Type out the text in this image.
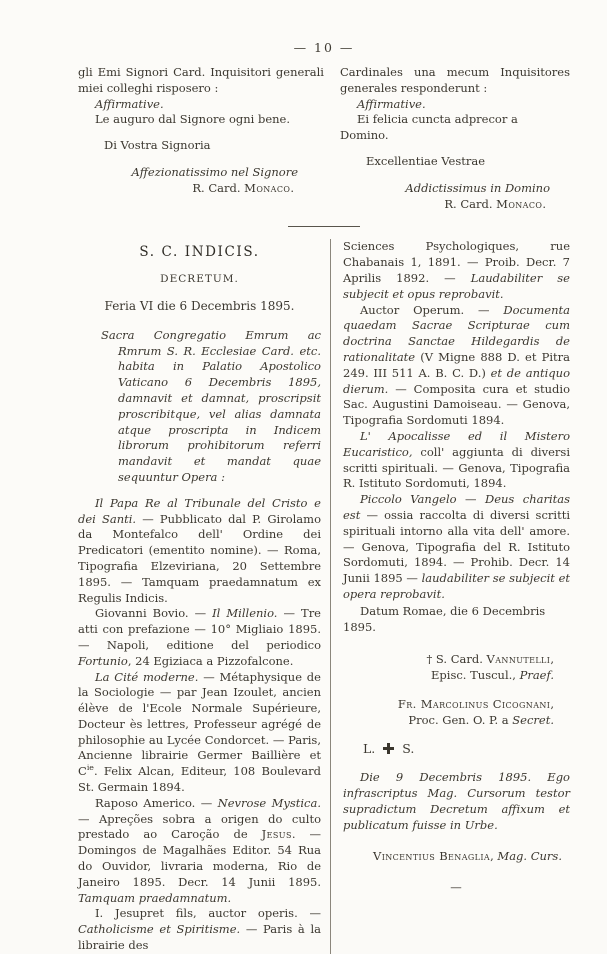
— 10 —

gli Emi Signori Card. Inquisitori generali miei colleghi risposero :

Affirmative.

Le auguro dal Signore ogni bene.

Di Vostra Signoria

Affezionatissimo nel Signore

R. Card. Monaco.

Cardinales una mecum Inquisitores generales responderunt :

Affirmative.

Ei felicia cuncta adprecor a Domino.

Excellentiae Vestrae

Addictissimus in Domino

R. Card. Monaco.

S. C. INDICIS.

DECRETUM.

Feria VI die 6 Decembris 1895.

Sacra Congregatio Emrum ac Rmrum S. R. Ecclesiae Card. etc. habita in Palatio Apostolico Vaticano 6 Decembris 1895, damnavit et damnat, proscripsit proscribitque, vel alias damnata atque proscripta in Indicem librorum prohibitorum referri mandavit et mandat quae sequuntur Opera :

Il Papa Re al Tribunale del Cristo e dei Santi. — Pubblicato dal P. Girolamo da Montefalco dell' Ordine dei Predicatori (ementito nomine). — Roma, Tipografia Elzeviriana, 20 Settembre 1895. — Tamquam praedamnatum ex Regulis Indicis.

Giovanni Bovio. — Il Millenio. — Tre atti con prefazione — 10° Migliaio 1895. — Napoli, editione del periodico Fortunio, 24 Egiziaca a Pizzofalcone.

La Cité moderne. — Métaphysique de la Sociologie — par Jean Izoulet, ancien élève de l'Ecole Normale Supérieure, Docteur ès lettres, Professeur agrégé de philosophie au Lycée Condorcet. — Paris, Ancienne librairie Germer Baillière et $C^{ie}$. Felix Alcan, Editeur, 108 Boulevard St. Germain 1894.

Raposo Americo. — Nevrose Mystica. — Apreções sobra a origen do culto prestado ao Caroção de Jesus. — Domingos de Magalhães Editor. 54 Rua do Ouvidor, livraria moderna, Rio de Janeiro 1895. Decr. 14 Junii 1895. Tamquam praedamnatum.

I. Jesupret fils, auctor operis. — Catholicisme et Spiritisme. — Paris à la librairie des

Sciences Psychologiques, rue Chabanais 1, 1891. — Proib. Decr. 7 Aprilis 1892. — Laudabiliter se subjecit et opus reprobavit.

Auctor Operum. — Documenta quaedam Sacrae Scripturae cum doctrina Sanctae Hildegardis de rationalitate (V Migne 888 D. et Pitra 249. III 511 A. B. C. D.) et de antiquo dierum. — Composita cura et studio Sac. Augustini Damoiseau. — Genova, Tipografia Sordomuti 1894.

L' Apocalisse ed il Mistero Eucaristico, coll' aggiunta di diversi scritti spirituali. — Genova, Tipografia R. Istituto Sordomuti, 1894.

Piccolo Vangelo — Deus charitas est — ossia raccolta di diversi scritti spirituali intorno alla vita dell' amore. — Genova, Tipografia del R. Istituto Sordomuti, 1894. — Prohib. Decr. 14 Junii 1895 — laudabiliter se subjecit et opera reprobavit.

Datum Romae, die 6 Decembris 1895.

† S. Card. Vannutelli,

Episc. Tuscul., Praef.

Fr. Marcolinus Cicognani,

Proc. Gen. O. P. a Secret.

L. S.

Die 9 Decembris 1895. Ego infrascriptus Mag. Cursorum testor supradictum Decretum affixum et publicatum fuisse in Urbe.

Vincentius Benaglia, Mag. Curs.

—
